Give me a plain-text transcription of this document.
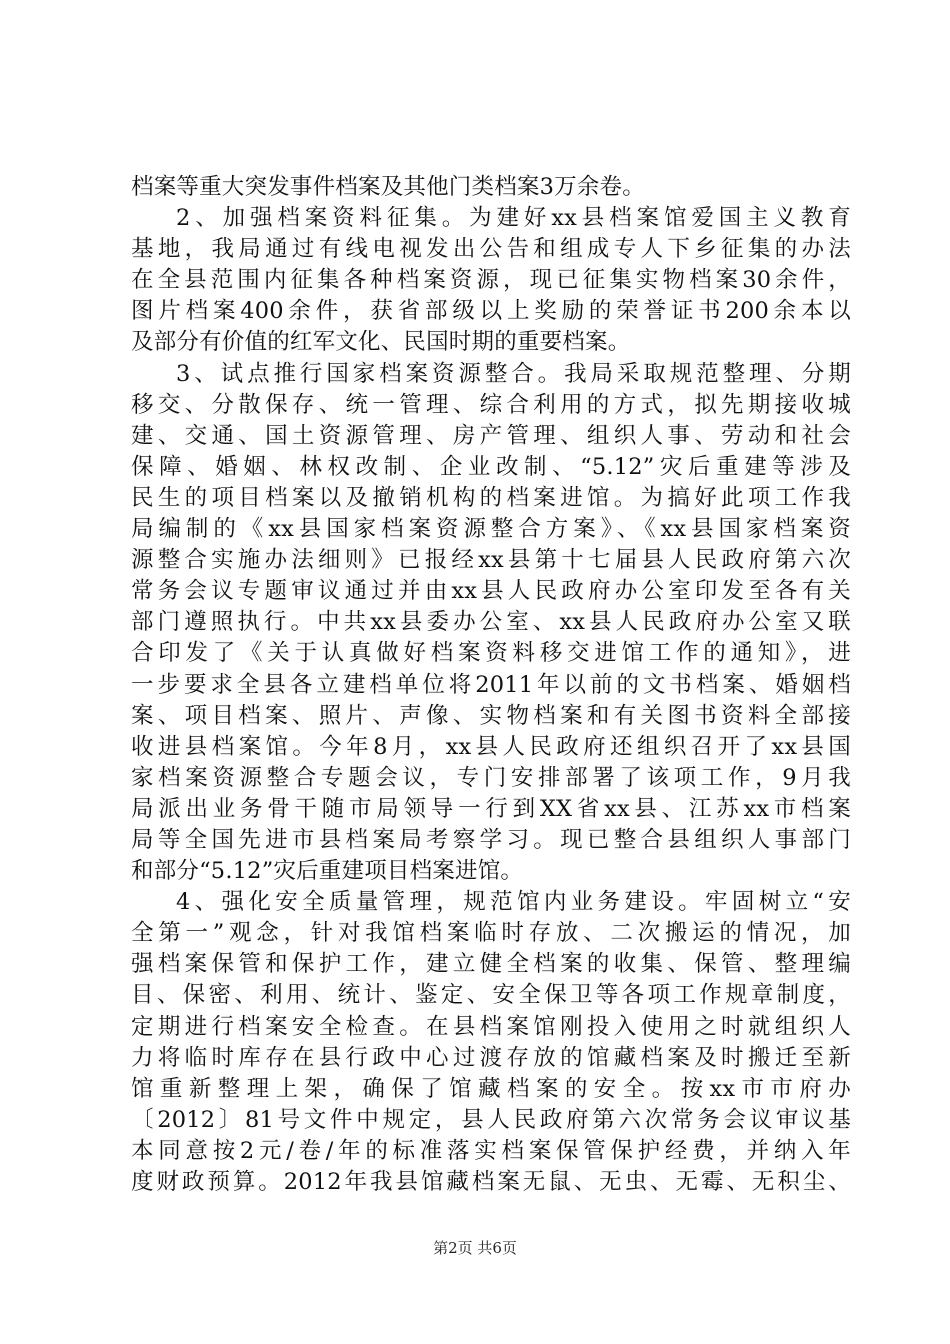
档案等重大突发事件档案及其他门类档案3万余卷。
2、加强档案资料征集。为建好xx县档案馆爱国主义教育
基地，我局通过有线电视发出公告和组成专人下乡征集的办法
在全县范围内征集各种档案资源，现已征集实物档案30余件，
图片档案400余件，获省部级以上奖励的荣誉证书200余本以
及部分有价值的红军文化、民国时期的重要档案。
3、试点推行国家档案资源整合。我局采取规范整理、分期
移交、分散保存、统一管理、综合利用的方式，拟先期接收城
建、交通、国土资源管理、房产管理、组织人事、劳动和社会
保障、婚姻、林权改制、企业改制、“5.12”灾后重建等涉及
民生的项目档案以及撤销机构的档案进馆。为搞好此项工作我
局编制的《xx县国家档案资源整合方案》、《xx县国家档案资
源整合实施办法细则》已报经xx县第十七届县人民政府第六次
常务会议专题审议通过并由xx县人民政府办公室印发至各有关
部门遵照执行。中共xx县委办公室、xx县人民政府办公室又联
合印发了《关于认真做好档案资料移交进馆工作的通知》，进
一步要求全县各立建档单位将2011年以前的文书档案、婚姻档
案、项目档案、照片、声像、实物档案和有关图书资料全部接
收进县档案馆。今年8月，xx县人民政府还组织召开了xx县国
家档案资源整合专题会议，专门安排部署了该项工作，9月我
局派出业务骨干随市局领导一行到XX省xx县、江苏xx市档案
局等全国先进市县档案局考察学习。现已整合县组织人事部门
和部分“5.12”灾后重建项目档案进馆。
4、强化安全质量管理，规范馆内业务建设。牢固树立“安
全第一”观念，针对我馆档案临时存放、二次搬运的情况，加
强档案保管和保护工作，建立健全档案的收集、保管、整理编
目、保密、利用、统计、鉴定、安全保卫等各项工作规章制度，
定期进行档案安全检查。在县档案馆刚投入使用之时就组织人
力将临时库存在县行政中心过渡存放的馆藏档案及时搬迁至新
馆重新整理上架，确保了馆藏档案的安全。按xx市市府办
〔2012〕81号文件中规定，县人民政府第六次常务会议审议基
本同意按2元/卷/年的标准落实档案保管保护经费，并纳入年
度财政预算。2012年我县馆藏档案无鼠、无虫、无霉、无积尘、
第2页 共6页
